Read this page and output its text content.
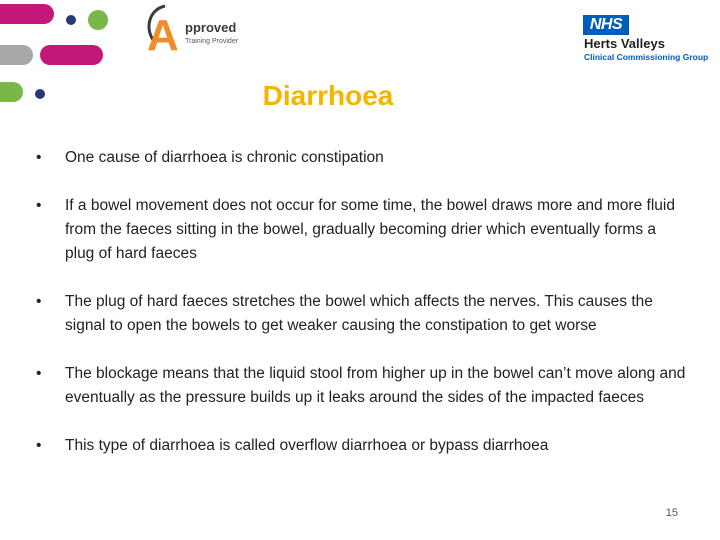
A pproved
Training Provider
NHS
Herts Valleys
Clinical Commissioning Group
Diarrhoea
• One cause of diarrhoea is chronic constipation
• If a bowel movement does not occur for some time, the bowel draws more and more fluid from the faeces sitting in the bowel, gradually becoming drier which eventually forms a plug of hard faeces
• The plug of hard faeces stretches the bowel which affects the nerves. This causes the signal to open the bowels to get weaker causing the constipation to get worse
• The blockage means that the liquid stool from higher up in the bowel can’t move along and eventually as the pressure builds up it leaks around the sides of the impacted faeces
• This type of diarrhoea is called overflow diarrhoea or bypass diarrhoea
15
